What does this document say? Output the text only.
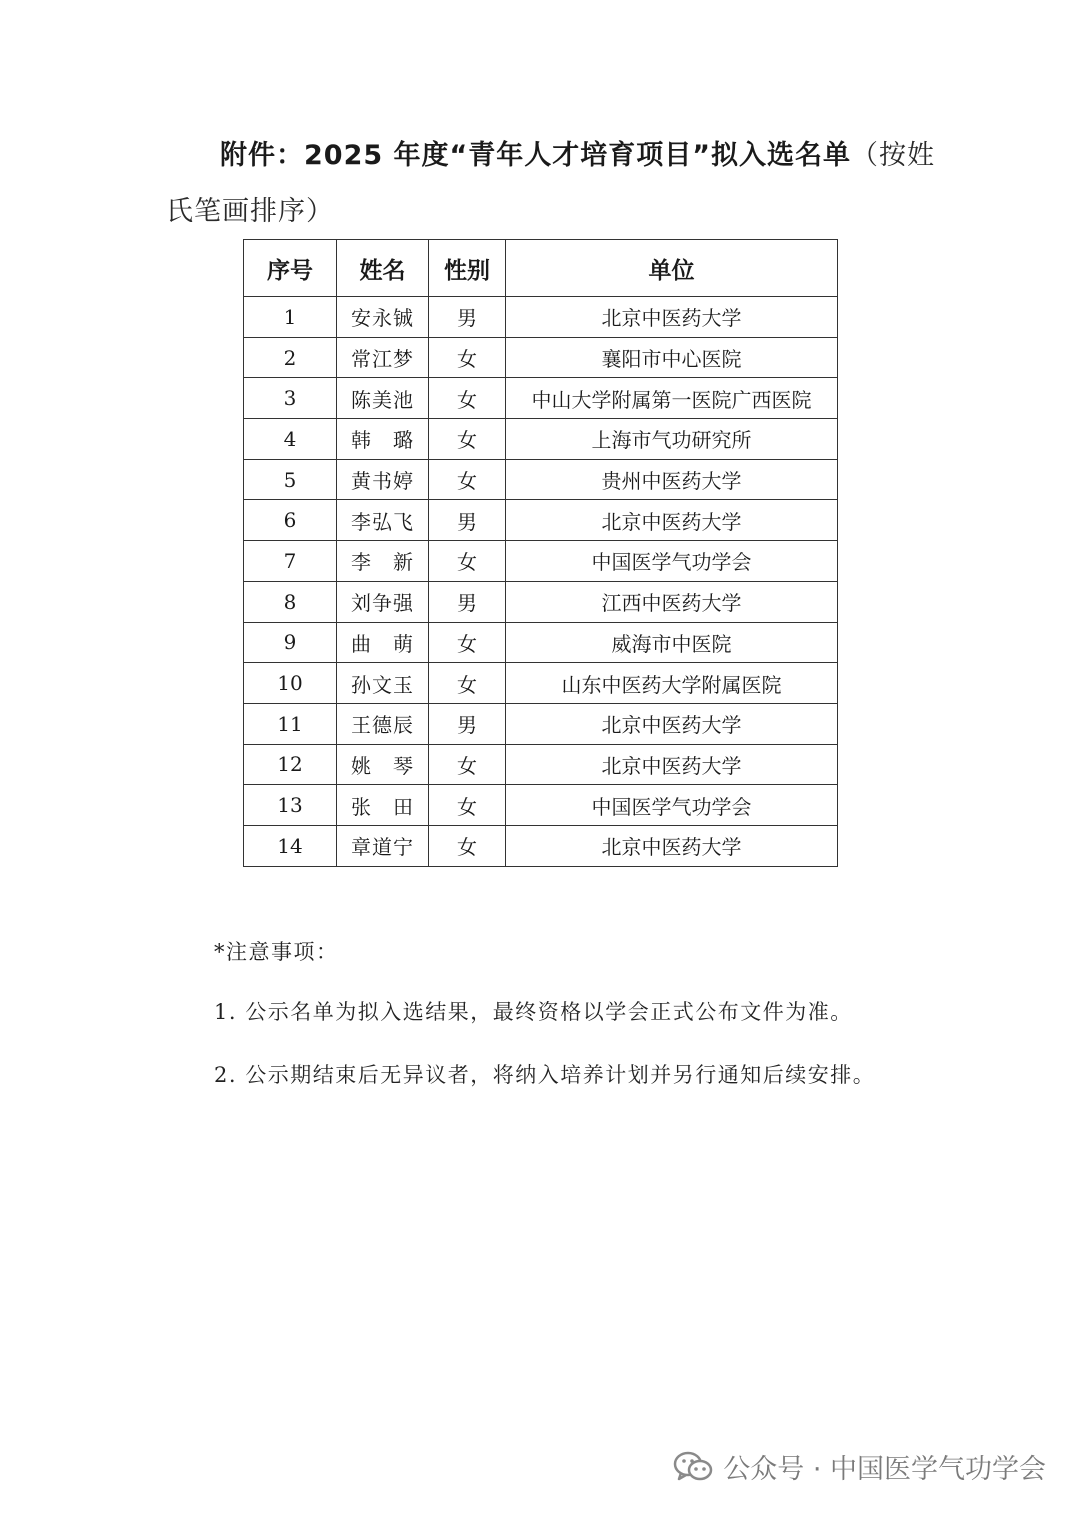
附件：2025 年度“青年人才培育项目”拟入选名单（按姓
氏笔画排序）
序号	姓名	性别	单位
1	安永铖	男	北京中医药大学
2	常江梦	女	襄阳市中心医院
3	陈美池	女	中山大学附属第一医院广西医院
4	韩　璐	女	上海市气功研究所
5	黄书婷	女	贵州中医药大学
6	李弘飞	男	北京中医药大学
7	李　新	女	中国医学气功学会
8	刘争强	男	江西中医药大学
9	曲　萌	女	威海市中医院
10	孙文玉	女	山东中医药大学附属医院
11	王德辰	男	北京中医药大学
12	姚　琴	女	北京中医药大学
13	张　田	女	中国医学气功学会
14	章道宁	女	北京中医药大学

*注意事项：

1. 公示名单为拟入选结果，最终资格以学会正式公布文件为准。

2. 公示期结束后无异议者，将纳入培养计划并另行通知后续安排。

公众号 · 中国医学气功学会
